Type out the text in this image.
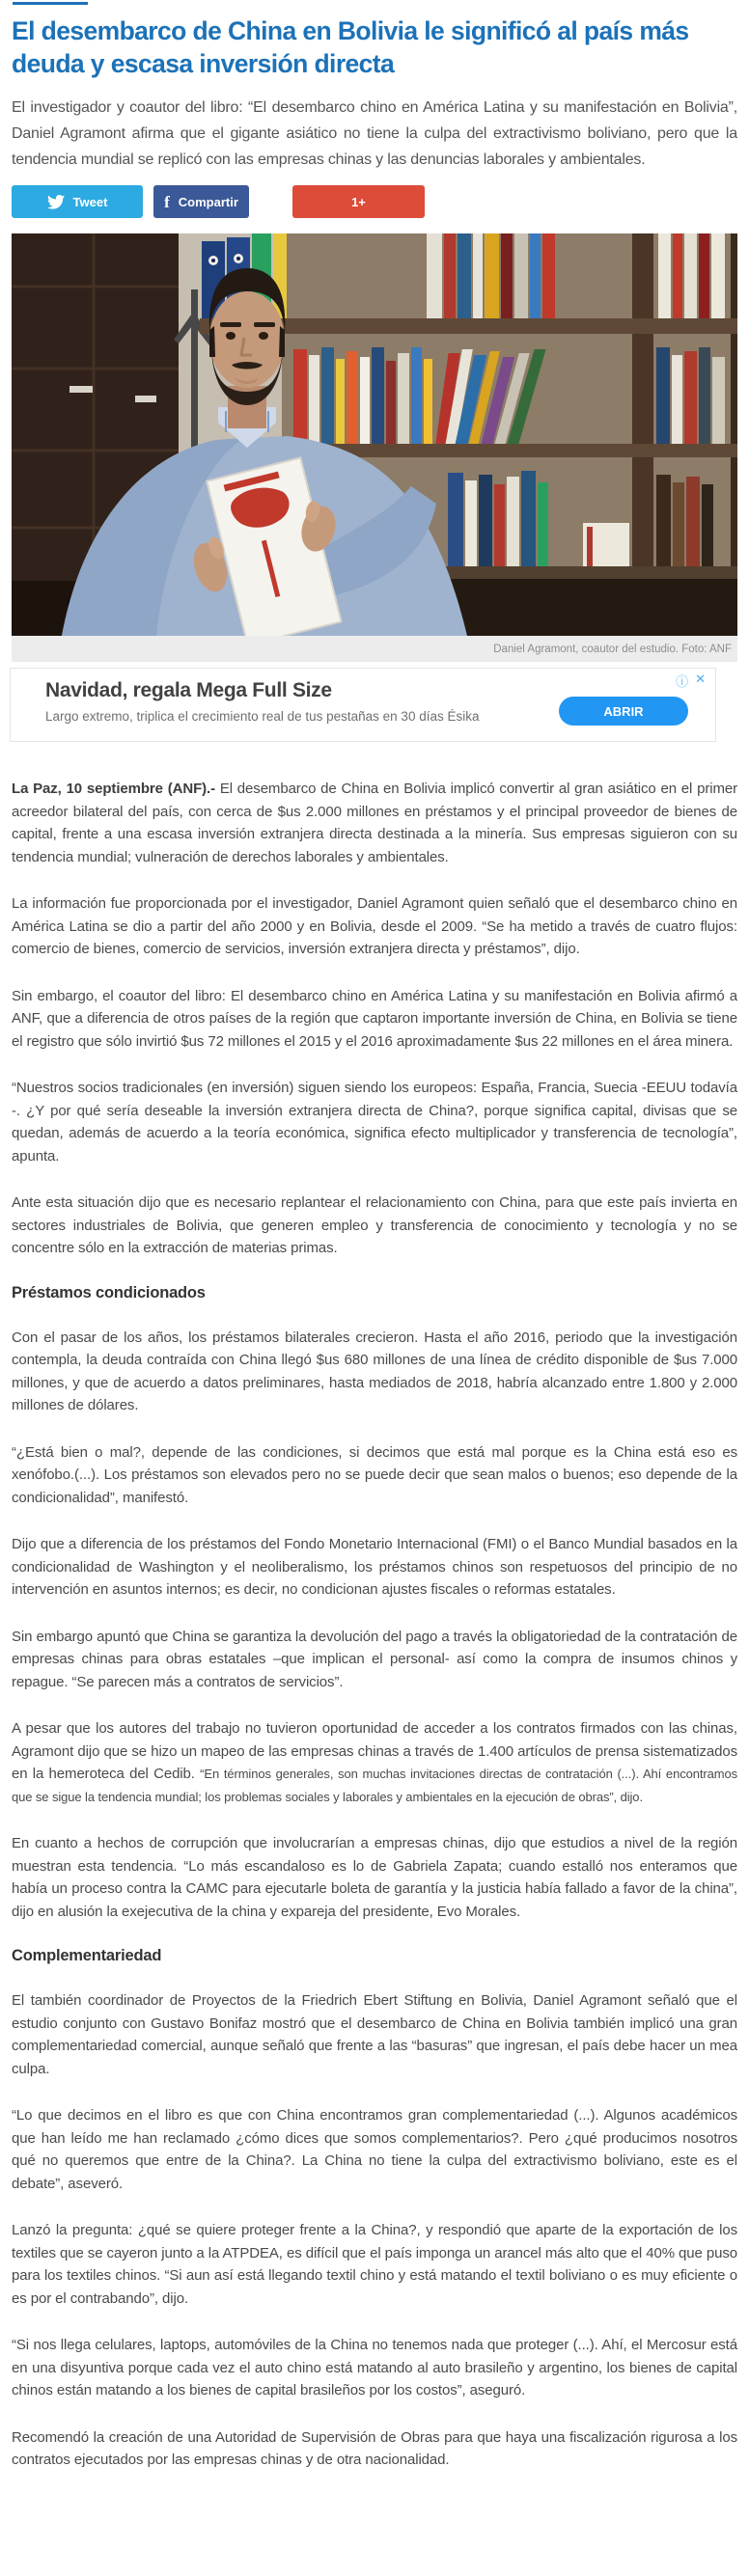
El desembarco de China en Bolivia le significó al país más deuda y escasa inversión directa

El investigador y coautor del libro: “El desembarco chino en América Latina y su manifestación en Bolivia”, Daniel Agramont afirma que el gigante asiático no tiene la culpa del extractivismo boliviano, pero que la tendencia mundial se replicó con las empresas chinas y las denuncias laborales y ambientales.

Tweet	f Compartir	1+
Daniel Agramont, coautor del estudio. Foto: ANF
ⓘ ✕
Navidad, regala Mega Full Size
Largo extremo, triplica el crecimiento real de tus pestañas en 30 días Ésika	ABRIR

La Paz, 10 septiembre (ANF).- El desembarco de China en Bolivia implicó convertir al gran asiático en el primer acreedor bilateral del país, con cerca de $us 2.000 millones en préstamos y el principal proveedor de bienes de capital, frente a una escasa inversión extranjera directa destinada a la minería. Sus empresas siguieron con su tendencia mundial; vulneración de derechos laborales y ambientales.

La información fue proporcionada por el investigador, Daniel Agramont quien señaló que el desembarco chino en América Latina se dio a partir del año 2000 y en Bolivia, desde el 2009. “Se ha metido a través de cuatro flujos: comercio de bienes, comercio de servicios, inversión extranjera directa y préstamos”, dijo.

Sin embargo, el coautor del libro: El desembarco chino en América Latina y su manifestación en Bolivia afirmó a ANF, que a diferencia de otros países de la región que captaron importante inversión de China, en Bolivia se tiene el registro que sólo invirtió $us 72 millones el 2015 y el 2016 aproximadamente $us 22 millones en el área minera.

“Nuestros socios tradicionales (en inversión) siguen siendo los europeos: España, Francia, Suecia -EEUU todavía -. ¿Y por qué sería deseable la inversión extranjera directa de China?, porque significa capital, divisas que se quedan, además de acuerdo a la teoría económica, significa efecto multiplicador y transferencia de tecnología”, apunta.

Ante esta situación dijo que es necesario replantear el relacionamiento con China, para que este país invierta en sectores industriales de Bolivia, que generen empleo y transferencia de conocimiento y tecnología y no se concentre sólo en la extracción de materias primas.

Préstamos condicionados

Con el pasar de los años, los préstamos bilaterales crecieron. Hasta el año 2016, periodo que la investigación contempla, la deuda contraída con China llegó $us 680 millones de una línea de crédito disponible de $us 7.000 millones, y que de acuerdo a datos preliminares, hasta mediados de 2018, habría alcanzado entre 1.800 y 2.000 millones de dólares.

“¿Está bien o mal?, depende de las condiciones, si decimos que está mal porque es la China está eso es xenófobo.(...). Los préstamos son elevados pero no se puede decir que sean malos o buenos; eso depende de la condicionalidad”, manifestó.

Dijo que a diferencia de los préstamos del Fondo Monetario Internacional (FMI) o el Banco Mundial basados en la condicionalidad de Washington y el neoliberalismo, los préstamos chinos son respetuosos del principio de no intervención en asuntos internos; es decir, no condicionan ajustes fiscales o reformas estatales.

Sin embargo apuntó que China se garantiza la devolución del pago a través la obligatoriedad de la contratación de empresas chinas para obras estatales –que implican el personal- así como la compra de insumos chinos y repague. “Se parecen más a contratos de servicios”.

A pesar que los autores del trabajo no tuvieron oportunidad de acceder a los contratos firmados con las chinas, Agramont dijo que se hizo un mapeo de las empresas chinas a través de 1.400 artículos de prensa sistematizados en la hemeroteca del Cedib. “En términos generales, son muchas invitaciones directas de contratación (...). Ahí encontramos que se sigue la tendencia mundial; los problemas sociales y laborales y ambientales en la ejecución de obras”, dijo.

En cuanto a hechos de corrupción que involucrarían a empresas chinas, dijo que estudios a nivel de la región muestran esta tendencia. “Lo más escandaloso es lo de Gabriela Zapata; cuando estalló nos enteramos que había un proceso contra la CAMC para ejecutarle boleta de garantía y la justicia había fallado a favor de la china”, dijo en alusión la exejecutiva de la china y expareja del presidente, Evo Morales.

Complementariedad

El también coordinador de Proyectos de la Friedrich Ebert Stiftung en Bolivia, Daniel Agramont señaló que el estudio conjunto con Gustavo Bonifaz mostró que el desembarco de China en Bolivia también implicó una gran complementariedad comercial, aunque señaló que frente a las “basuras” que ingresan, el país debe hacer un mea culpa.

“Lo que decimos en el libro es que con China encontramos gran complementariedad (...). Algunos académicos que han leído me han reclamado ¿cómo dices que somos complementarios?. Pero ¿qué producimos nosotros qué no queremos que entre de la China?. La China no tiene la culpa del extractivismo boliviano, este es el debate”, aseveró.

Lanzó la pregunta: ¿qué se quiere proteger frente a la China?, y respondió que aparte de la exportación de los textiles que se cayeron junto a la ATPDEA, es difícil que el país imponga un arancel más alto que el 40% que puso para los textiles chinos. “Si aun así está llegando textil chino y está matando el textil boliviano o es muy eficiente o es por el contrabando”, dijo.

“Si nos llega celulares, laptops, automóviles de la China no tenemos nada que proteger (...). Ahí, el Mercosur está en una disyuntiva porque cada vez el auto chino está matando al auto brasileño y argentino, los bienes de capital chinos están matando a los bienes de capital brasileños por los costos”, aseguró.

Recomendó la creación de una Autoridad de Supervisión de Obras para que haya una fiscalización rigurosa a los contratos ejecutados por las empresas chinas y de otra nacionalidad.
